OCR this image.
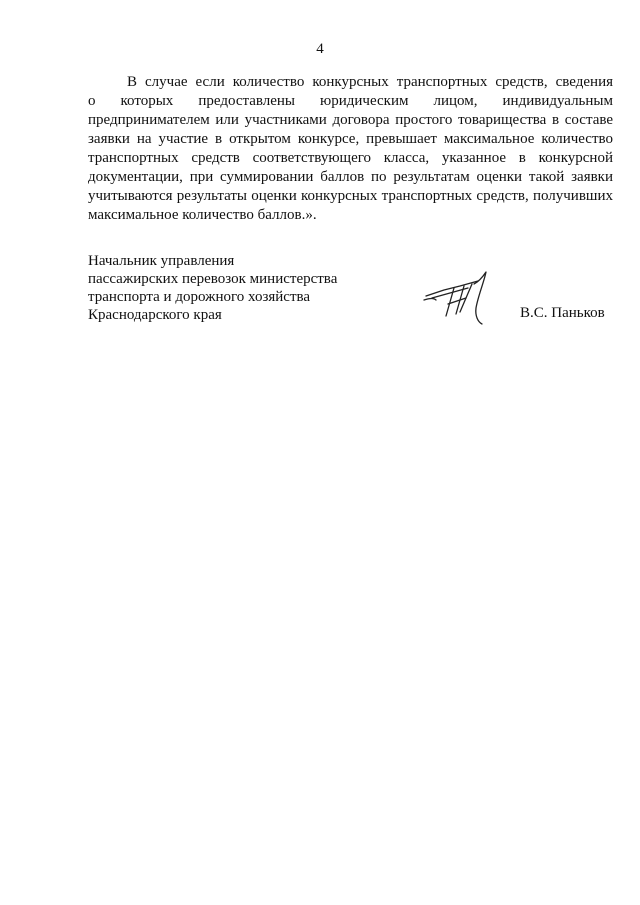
4
В случае если количество конкурсных транспортных средств, сведения
о которых предоставлены юридическим лицом, индивидуальным
предпринимателем или участниками договора простого товарищества в составе
заявки на участие в открытом конкурсе, превышает максимальное количество
транспортных средств соответствующего класса, указанное в конкурсной
документации, при суммировании баллов по результатам оценки такой заявки
учитываются результаты оценки конкурсных транспортных средств, получивших
максимальное количество баллов.».
Начальник управления
пассажирских перевозок министерства
транспорта и дорожного хозяйства
Краснодарского края	В.С. Паньков
